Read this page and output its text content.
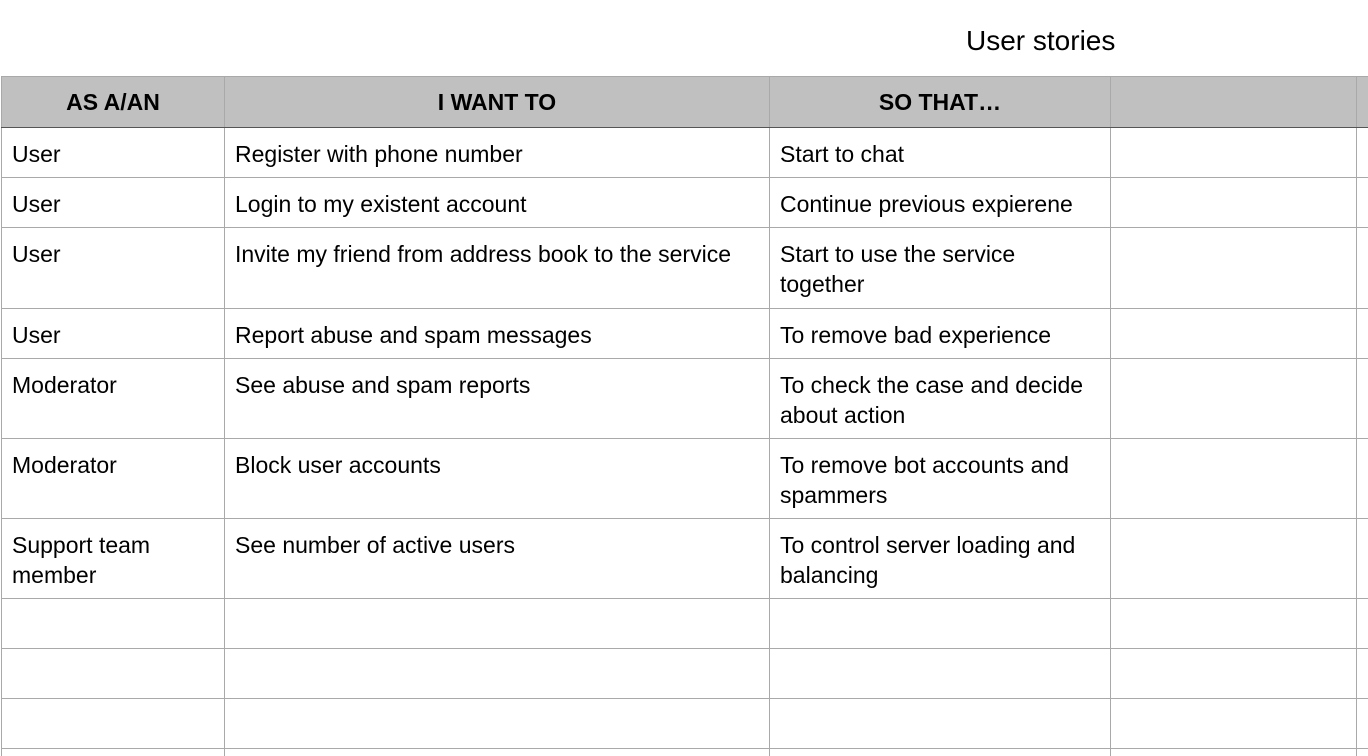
User stories
AS A/AN	I WANT TO	SO THAT…		
User	Register with phone number	Start to chat		
User	Login to my existent account	Continue previous expierene		
User	Invite my friend from address book to the service	Start to use the service together		
User	Report abuse and spam messages	To remove bad experience		
Moderator	See abuse and spam reports	To check the case and decide about action		
Moderator	Block user accounts	To remove bot accounts and spammers		
Support team member	See number of active users	To control server loading and balancing		
